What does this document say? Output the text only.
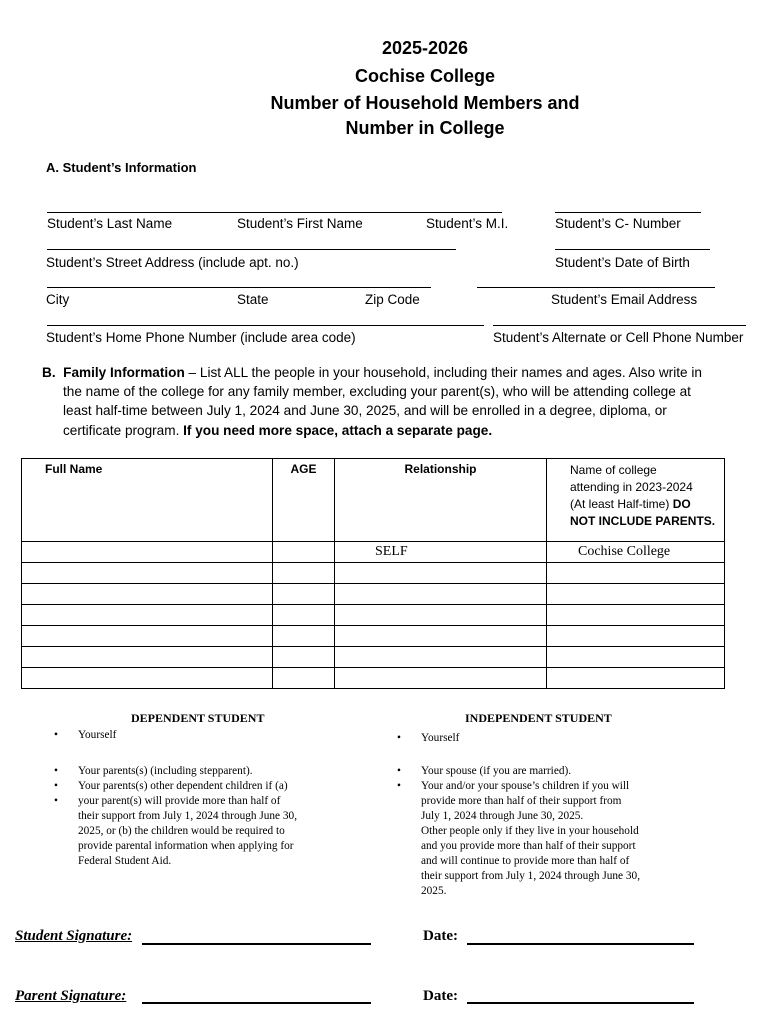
2025-2026
Cochise College
Number of Household Members and
Number in College
A. Student’s Information
Student’s Last Name	Student’s First Name	Student’s M.I.	Student’s C- Number
Student’s Street Address (include apt. no.)	Student’s Date of Birth
City	State	Zip Code	Student’s Email Address
Student’s Home Phone Number (include area code)	Student’s Alternate or Cell Phone Number
B. Family Information – List ALL the people in your household, including their names and ages. Also write in
the name of the college for any family member, excluding your parent(s), who will be attending college at
least half-time between July 1, 2024 and June 30, 2025, and will be enrolled in a degree, diploma, or
certificate program. If you need more space, attach a separate page.
Full Name	AGE	Relationship	Name of college
attending in 2023-2024
(At least Half-time) DO
NOT INCLUDE PARENTS.

		SELF	Cochise College

DEPENDENT STUDENT
• Yourself
• Your parents(s) (including stepparent).
• Your parents(s) other dependent children if (a)
• your parent(s) will provide more than half of
their support from July 1, 2024 through June 30,
2025, or (b) the children would be required to
provide parental information when applying for
Federal Student Aid.
INDEPENDENT STUDENT
• Yourself
• Your spouse (if you are married).
• Your and/or your spouse’s children if you will
provide more than half of their support from
July 1, 2024 through June 30, 2025.
Other people only if they live in your household
and you provide more than half of their support
and will continue to provide more than half of
their support from July 1, 2024 through June 30,
2025.
Student Signature:	Date:
Parent Signature:	Date:
